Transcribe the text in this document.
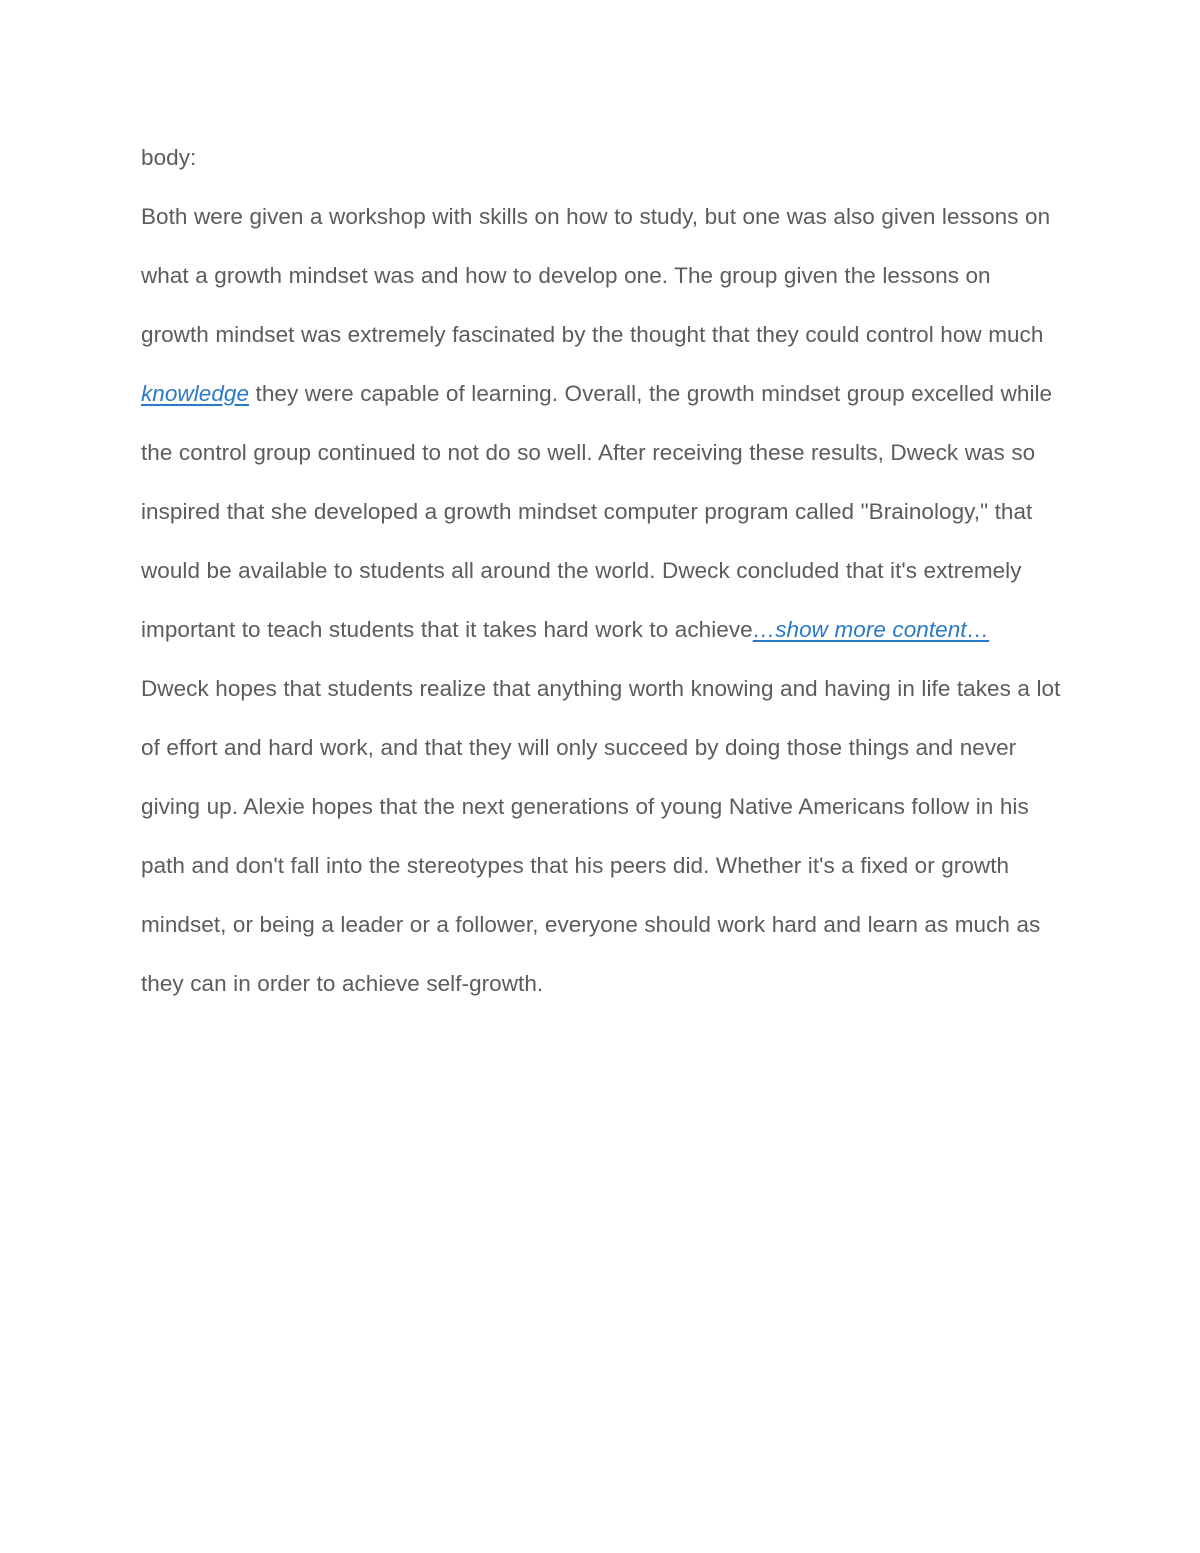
body:

Both were given a workshop with skills on how to study, but one was also given lessons on what a growth mindset was and how to develop one. The group given the lessons on growth mindset was extremely fascinated by the thought that they could control how much knowledge they were capable of learning. Overall, the growth mindset group excelled while the control group continued to not do so well. After receiving these results, Dweck was so inspired that she developed a growth mindset computer program called "Brainology," that would be available to students all around the world. Dweck concluded that it's extremely important to teach students that it takes hard work to achieve…show more content…

Dweck hopes that students realize that anything worth knowing and having in life takes a lot of effort and hard work, and that they will only succeed by doing those things and never giving up. Alexie hopes that the next generations of young Native Americans follow in his path and don't fall into the stereotypes that his peers did. Whether it's a fixed or growth mindset, or being a leader or a follower, everyone should work hard and learn as much as they can in order to achieve self-growth.
